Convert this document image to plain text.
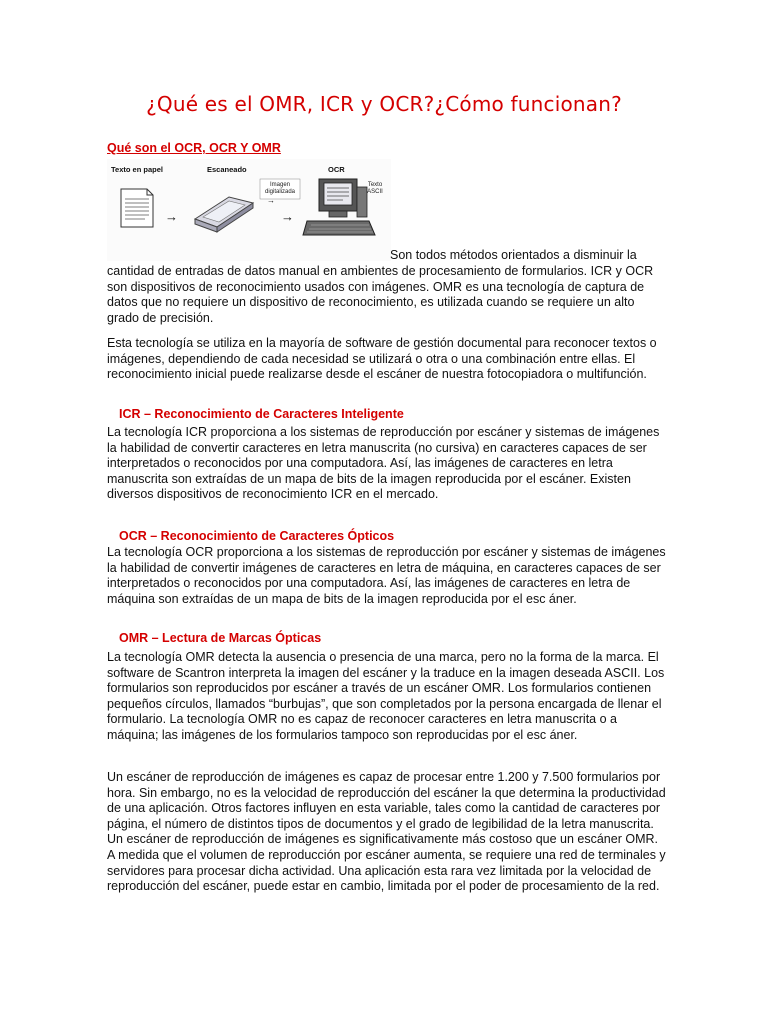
¿Qué es el OMR, ICR y OCR?¿Cómo funcionan?

Qué son el OCR, OCR Y OMR

Texto en papel	Escaneado	OCR
Imagen
digitalizada
Texto
ASCII
→	→
→

Son todos métodos orientados a disminuir la

cantidad de entradas de datos manual en ambientes de procesamiento de formularios. ICR y OCR son dispositivos de reconocimiento usados con imágenes. OMR es una tecnología de captura de datos que no requiere un dispositivo de reconocimiento, es utilizada cuando se requiere un alto grado de precisión.

Esta tecnología se utiliza en la mayoría de software de gestión documental para reconocer textos o imágenes, dependiendo de cada necesidad se utilizará o otra o una combinación entre ellas. El reconocimiento inicial puede realizarse desde el escáner de nuestra fotocopiadora o multifunción.

ICR – Reconocimiento de Caracteres Inteligente

La tecnología ICR proporciona a los sistemas de reproducción por escáner y sistemas de imágenes la habilidad de convertir caracteres en letra manuscrita (no cursiva) en caracteres capaces de ser interpretados o reconocidos por una computadora. Así, las imágenes de caracteres en letra manuscrita son extraídas de un mapa de bits de la imagen reproducida por el escáner. Existen diversos dispositivos de reconocimiento ICR en el mercado.

OCR – Reconocimiento de Caracteres Ópticos

La tecnología OCR proporciona a los sistemas de reproducción por escáner y sistemas de imágenes la habilidad de convertir imágenes de caracteres en letra de máquina, en caracteres capaces de ser interpretados o reconocidos por una computadora. Así, las imágenes de caracteres en letra de máquina son extraídas de un mapa de bits de la imagen reproducida por el esc áner.

OMR – Lectura de Marcas Ópticas

La tecnología OMR detecta la ausencia o presencia de una marca, pero no la forma de la marca. El software de Scantron interpreta la imagen del escáner y la traduce en la imagen deseada ASCII. Los formularios son reproducidos por escáner a través de un escáner OMR. Los formularios contienen pequeños círculos, llamados “burbujas”, que son completados por la persona encargada de llenar el formulario. La tecnología OMR no es capaz de reconocer caracteres en letra manuscrita o a máquina; las imágenes de los formularios tampoco son reproducidas por el esc áner.

Un escáner de reproducción de imágenes es capaz de procesar entre 1.200 y 7.500 formularios por hora. Sin embargo, no es la velocidad de reproducción del escáner la que determina la productividad de una aplicación. Otros factores influyen en esta variable, tales como la cantidad de caracteres por página, el número de distintos tipos de documentos y el grado de legibilidad de la letra manuscrita. Un escáner de reproducción de imágenes es significativamente más costoso que un escáner OMR. A medida que el volumen de reproducción por escáner aumenta, se requiere una red de terminales y servidores para procesar dicha actividad. Una aplicación esta rara vez limitada por la velocidad de reproducción del escáner, puede estar en cambio, limitada por el poder de procesamiento de la red.
